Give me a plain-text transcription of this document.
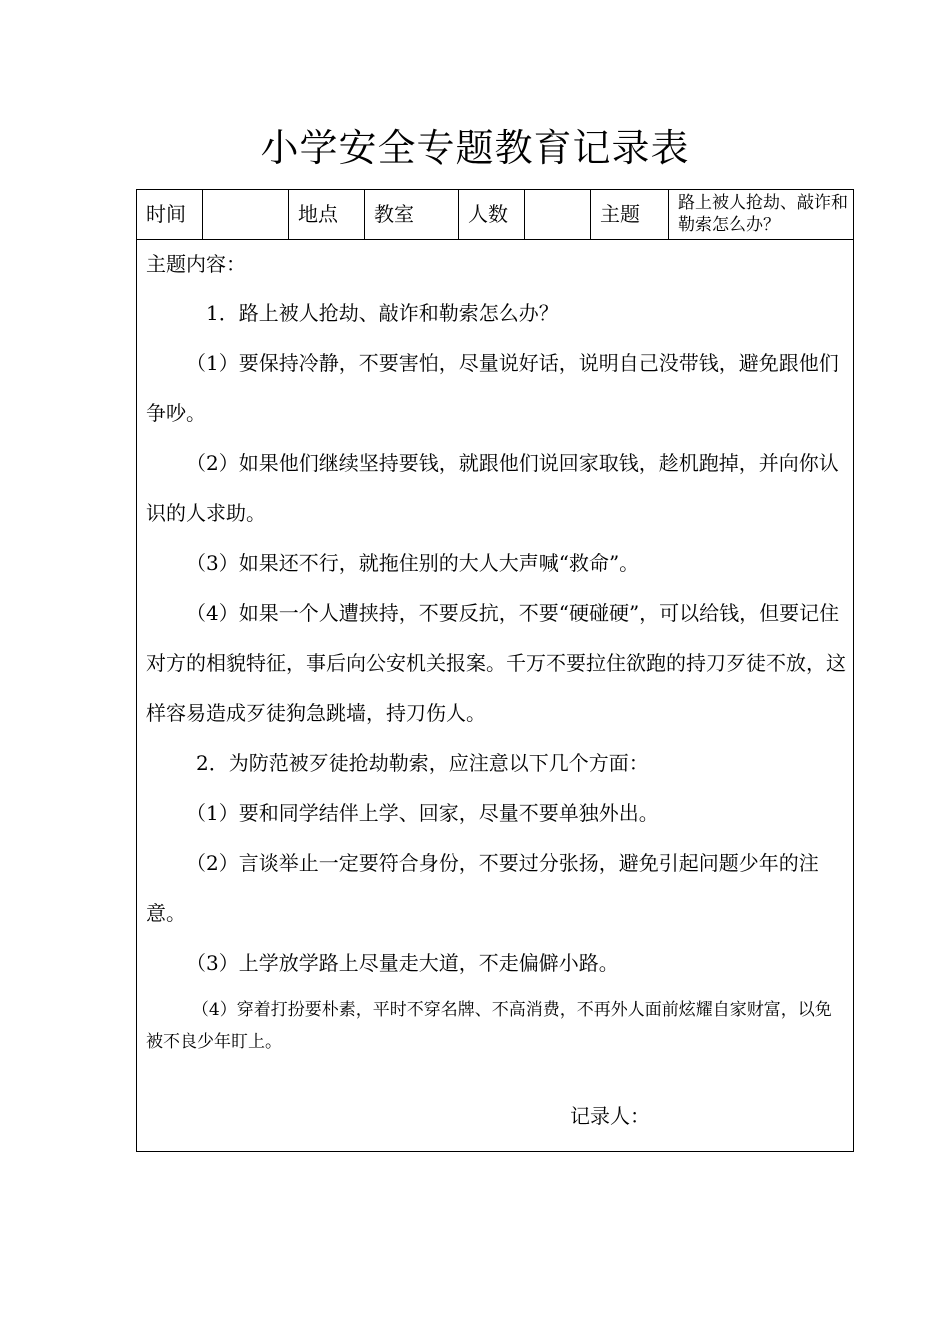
小学安全专题教育记录表
时间		地点	教室	人数		主题	路上被人抢劫、敲诈和勒索怎么办？

主题内容：

1．路上被人抢劫、敲诈和勒索怎么办？

（1）要保持冷静，不要害怕，尽量说好话，说明自己没带钱，避免跟他们争吵。

（2）如果他们继续坚持要钱，就跟他们说回家取钱，趁机跑掉，并向你认识的人求助。

（3）如果还不行，就拖住别的大人大声喊“救命”。

（4）如果一个人遭挟持，不要反抗，不要“硬碰硬”，可以给钱，但要记住对方的相貌特征，事后向公安机关报案。千万不要拉住欲跑的持刀歹徒不放，这样容易造成歹徒狗急跳墙，持刀伤人。

2．为防范被歹徒抢劫勒索，应注意以下几个方面：

（1）要和同学结伴上学、回家，尽量不要单独外出。

（2）言谈举止一定要符合身份，不要过分张扬，避免引起问题少年的注意。

（3）上学放学路上尽量走大道，不走偏僻小路。

（4）穿着打扮要朴素，平时不穿名牌、不高消费，不再外人面前炫耀自家财富，以免被不良少年盯上。

记录人：
